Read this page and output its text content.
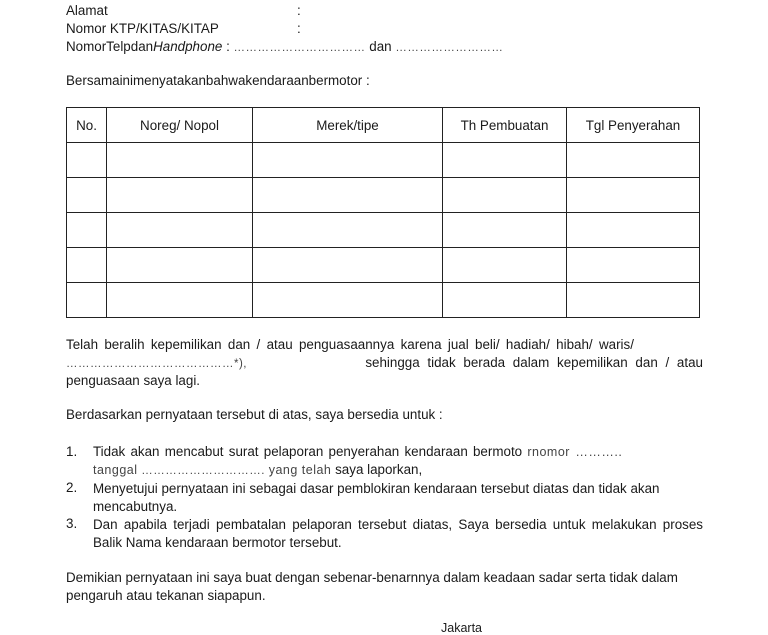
Alamat	:
Nomor KTP/KITAS/KITAP	:
NomorTelpdanHandphone : …………………………… dan ………………………
Bersamainimenyatakanbahwakendaraanbermotor :
No.	Noreg/ Nopol	Merek/tipe	Th Pembuatan	Tgl Penyerahan

Telah beralih kepemilikan dan / atau penguasaannya karena jual beli/ hadiah/ hibah/ waris/
……………………………………*),	sehingga tidak berada dalam kepemilikan dan / atau
penguasaan saya lagi.
Berdasarkan pernyataan tersebut di atas, saya bersedia untuk :
1. Tidak akan mencabut surat pelaporan penyerahan kendaraan bermoto rnomor ………..
tanggal …………………………. yang telah saya laporkan,
2. Menyetujui pernyataan ini sebagai dasar pemblokiran kendaraan tersebut diatas dan tidak akan mencabutnya.
3. Dan apabila terjadi pembatalan pelaporan tersebut diatas, Saya bersedia untuk melakukan proses Balik Nama kendaraan bermotor tersebut.
Demikian pernyataan ini saya buat dengan sebenar-benarnnya dalam keadaan sadar serta tidak dalam pengaruh atau tekanan siapapun.
Jakarta
